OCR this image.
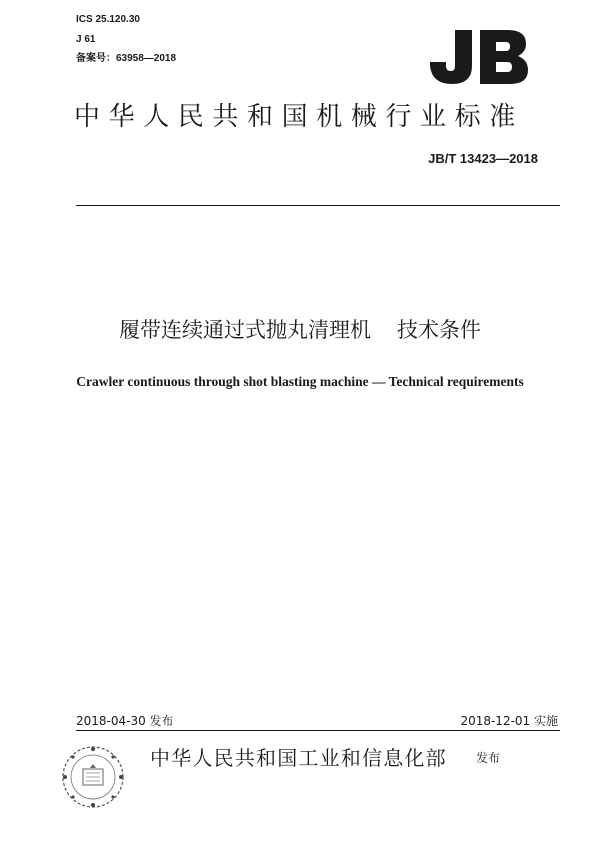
ICS 25.120.30
J 61
备案号：63958—2018
中华人民共和国机械行业标准
JB/T 13423—2018
履带连续通过式抛丸清理机 技术条件
Crawler continuous through shot blasting machine — Technical requirements
2018-04-30 发布	2018-12-01 实施
中华人民共和国工业和信息化部 发布
